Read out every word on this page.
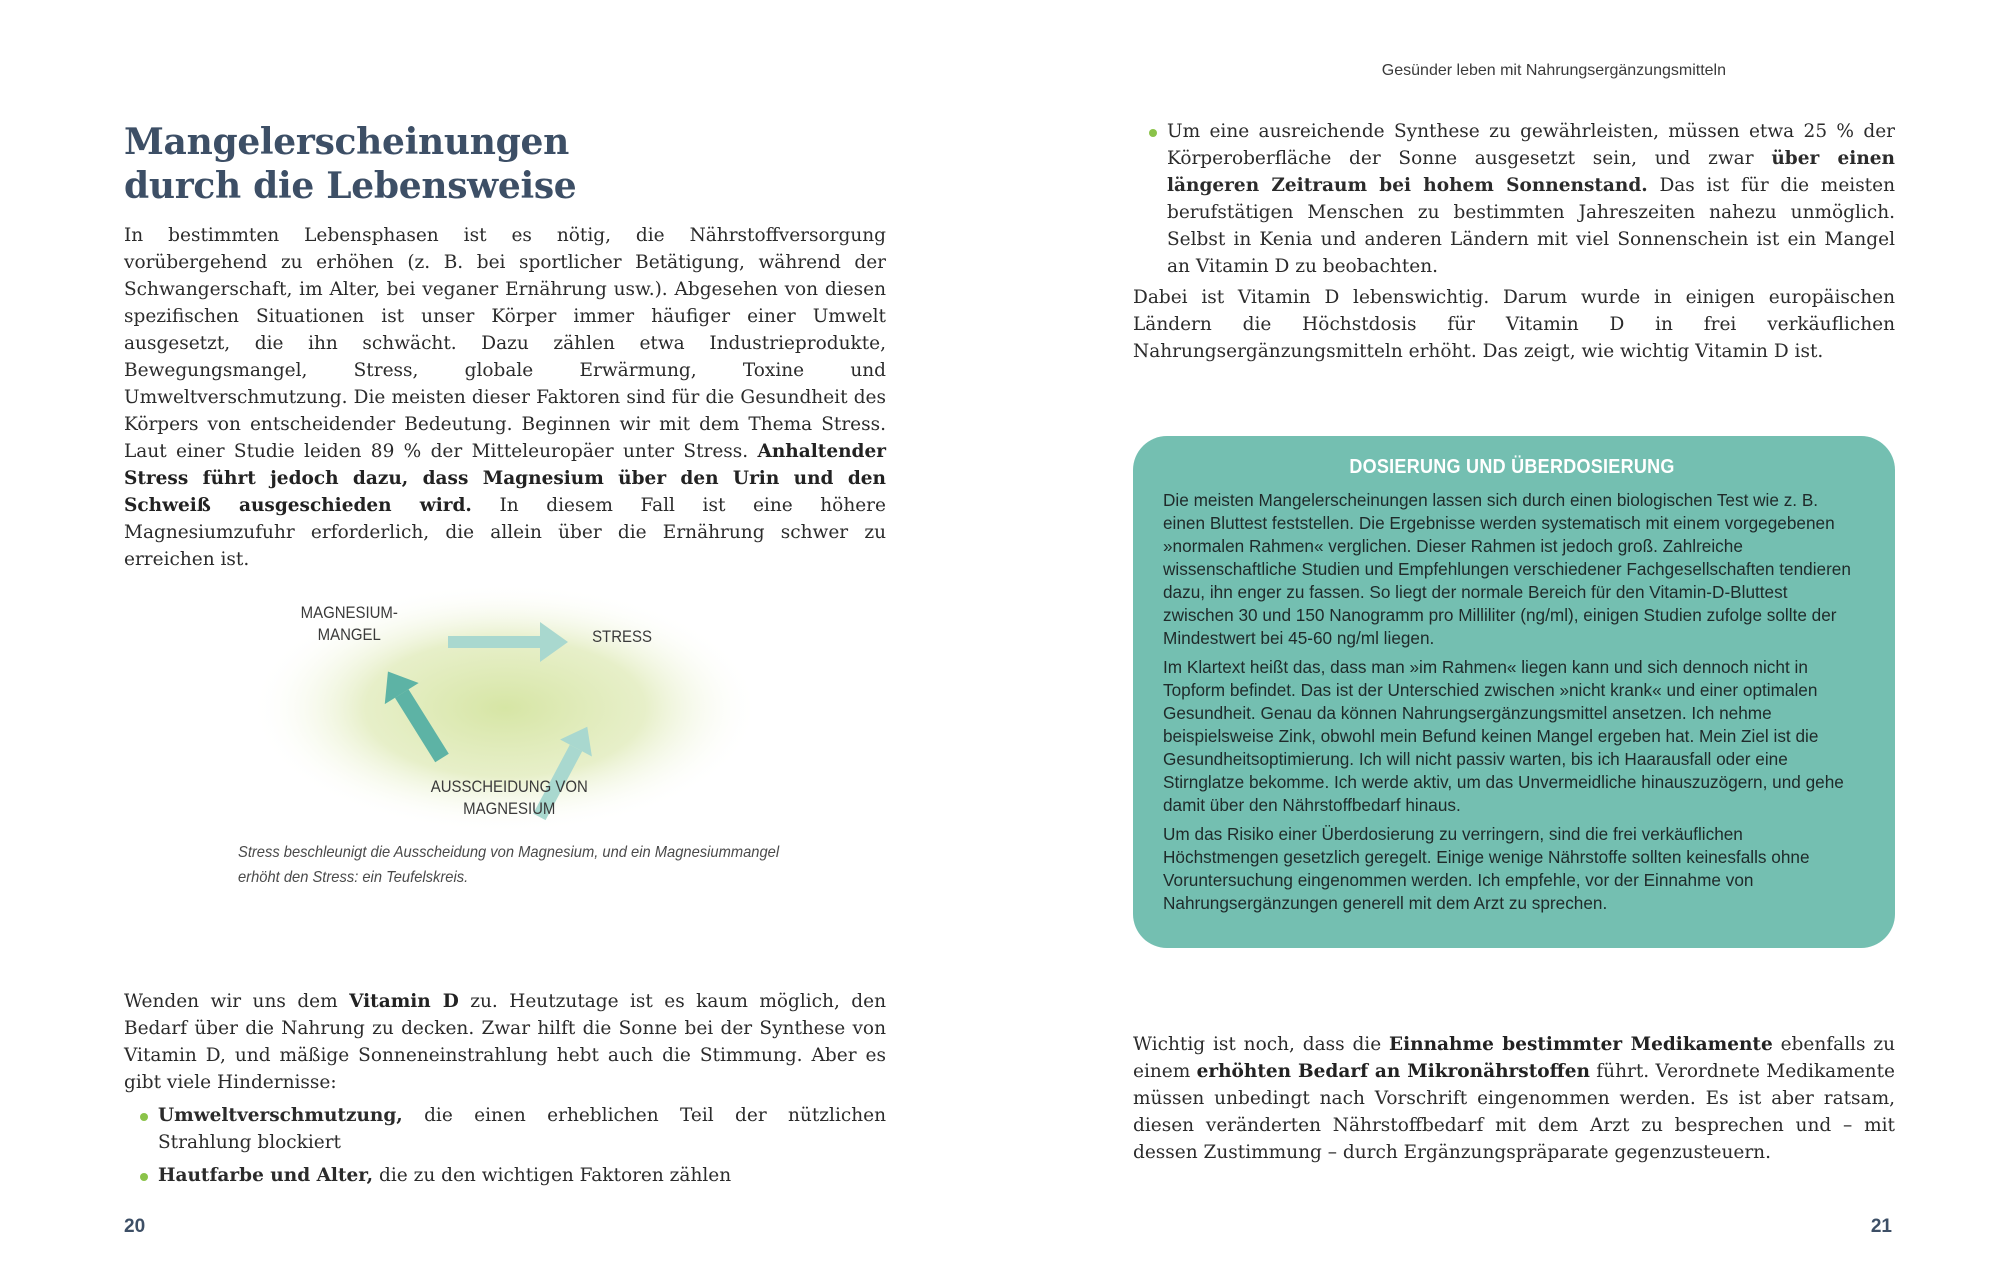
Mangelerscheinungen
durch die Lebensweise

In bestimmten Lebensphasen ist es nötig, die Nährstoffversorgung vorübergehend zu erhöhen (z. B. bei sportlicher Betätigung, während der Schwangerschaft, im Alter, bei veganer Ernährung usw.). Abgesehen von diesen spezifischen Situationen ist unser Körper immer häufiger einer Umwelt ausgesetzt, die ihn schwächt. Dazu zählen etwa Industrieprodukte, Bewegungsmangel, Stress, globale Erwärmung, Toxine und Umweltverschmutzung. Die meisten dieser Faktoren sind für die Gesundheit des Körpers von entscheidender Bedeutung. Beginnen wir mit dem Thema Stress. Laut einer Studie leiden 89 % der Mitteleuropäer unter Stress. Anhaltender Stress führt jedoch dazu, dass Magnesium über den Urin und den Schweiß ausgeschieden wird. In diesem Fall ist eine höhere Magnesiumzufuhr erforderlich, die allein über die Ernährung schwer zu erreichen ist.

MAGNESIUM-
MANGEL	STRESS
AUSSCHEIDUNG VON
MAGNESIUM
Stress beschleunigt die Ausscheidung von Magnesium, und ein Magnesiummangel erhöht den Stress: ein Teufelskreis.

Wenden wir uns dem Vitamin D zu. Heutzutage ist es kaum möglich, den Bedarf über die Nahrung zu decken. Zwar hilft die Sonne bei der Synthese von Vitamin D, und mäßige Sonneneinstrahlung hebt auch die Stimmung. Aber es gibt viele Hindernisse:

Umweltverschmutzung, die einen erheblichen Teil der nützlichen Strahlung blockiert
Hautfarbe und Alter, die zu den wichtigen Faktoren zählen
20
Gesünder leben mit Nahrungsergänzungsmitteln
Um eine ausreichende Synthese zu gewährleisten, müssen etwa 25 % der Körperoberfläche der Sonne ausgesetzt sein, und zwar über einen längeren Zeitraum bei hohem Sonnenstand. Das ist für die meisten berufstätigen Menschen zu bestimmten Jahreszeiten nahezu unmöglich. Selbst in Kenia und anderen Ländern mit viel Sonnenschein ist ein Mangel an Vitamin D zu beobachten.

Dabei ist Vitamin D lebenswichtig. Darum wurde in einigen europäischen Ländern die Höchstdosis für Vitamin D in frei verkäuflichen Nahrungsergänzungsmitteln erhöht. Das zeigt, wie wichtig Vitamin D ist.

DOSIERUNG UND ÜBERDOSIERUNG

Die meisten Mangelerscheinungen lassen sich durch einen biologischen Test wie z. B. einen Bluttest feststellen. Die Ergebnisse werden systematisch mit einem vorgegebenen »normalen Rahmen« verglichen. Dieser Rahmen ist jedoch groß. Zahlreiche wissenschaftliche Studien und Empfehlungen verschiedener Fachgesellschaften tendieren dazu, ihn enger zu fassen. So liegt der normale Bereich für den Vitamin-D-Bluttest zwischen 30 und 150 Nanogramm pro Milliliter (ng/ml), einigen Studien zufolge sollte der Mindestwert bei 45-60 ng/ml liegen.

Im Klartext heißt das, dass man »im Rahmen« liegen kann und sich dennoch nicht in Topform befindet. Das ist der Unterschied zwischen »nicht krank« und einer optimalen Gesundheit. Genau da können Nahrungsergänzungsmittel ansetzen. Ich nehme beispielsweise Zink, obwohl mein Befund keinen Mangel ergeben hat. Mein Ziel ist die Gesundheitsoptimierung. Ich will nicht passiv warten, bis ich Haarausfall oder eine Stirnglatze bekomme. Ich werde aktiv, um das Unvermeidliche hinauszuzögern, und gehe damit über den Nährstoffbedarf hinaus.

Um das Risiko einer Überdosierung zu verringern, sind die frei verkäuflichen Höchstmengen gesetzlich geregelt. Einige wenige Nährstoffe sollten keinesfalls ohne Voruntersuchung eingenommen werden. Ich empfehle, vor der Einnahme von Nahrungsergänzungen generell mit dem Arzt zu sprechen.

Wichtig ist noch, dass die Einnahme bestimmter Medikamente ebenfalls zu einem erhöhten Bedarf an Mikronährstoffen führt. Verordnete Medikamente müssen unbedingt nach Vorschrift eingenommen werden. Es ist aber ratsam, diesen veränderten Nährstoffbedarf mit dem Arzt zu besprechen und – mit dessen Zustimmung – durch Ergänzungspräparate gegenzusteuern.

21
